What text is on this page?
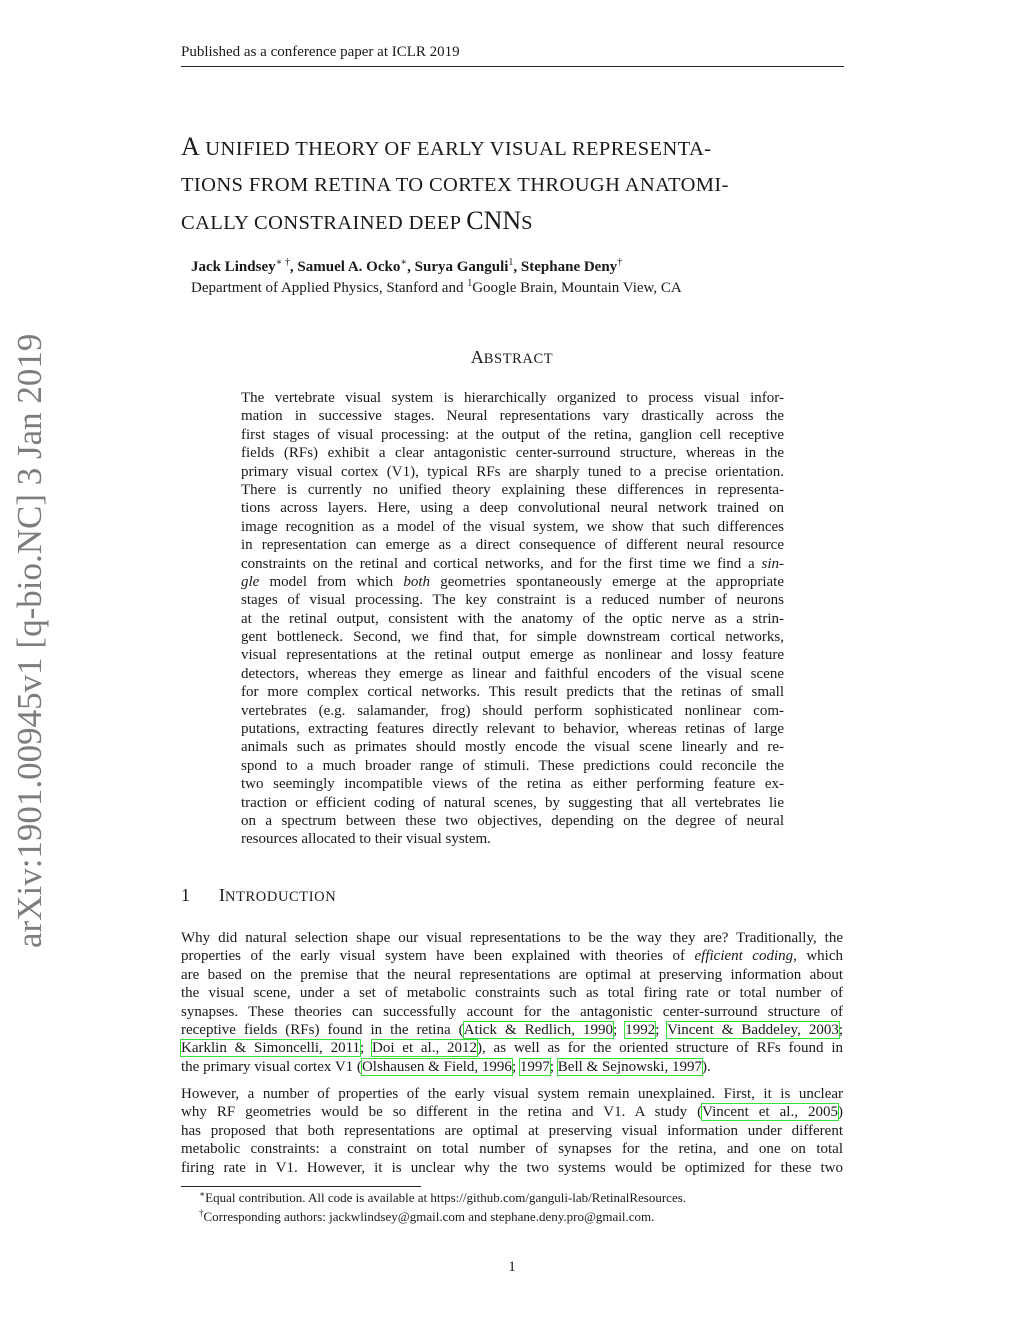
Published as a conference paper at ICLR 2019
arXiv:1901.00945v1 [q-bio.NC] 3 Jan 2019
A UNIFIED THEORY OF EARLY VISUAL REPRESENTA-
TIONS FROM RETINA TO CORTEX THROUGH ANATOMI-
CALLY CONSTRAINED DEEP CNNS
Jack Lindsey∗ †, Samuel A. Ocko∗, Surya Ganguli$^1$, Stephane Deny†
Department of Applied Physics, Stanford and $^1$Google Brain, Mountain View, CA
ABSTRACT
The vertebrate visual system is hierarchically organized to process visual infor-
mation in successive stages. Neural representations vary drastically across the
first stages of visual processing: at the output of the retina, ganglion cell receptive
fields (RFs) exhibit a clear antagonistic center-surround structure, whereas in the
primary visual cortex (V1), typical RFs are sharply tuned to a precise orientation.
There is currently no unified theory explaining these differences in representa-
tions across layers. Here, using a deep convolutional neural network trained on
image recognition as a model of the visual system, we show that such differences
in representation can emerge as a direct consequence of different neural resource
constraints on the retinal and cortical networks, and for the first time we find a sin-
gle model from which both geometries spontaneously emerge at the appropriate
stages of visual processing. The key constraint is a reduced number of neurons
at the retinal output, consistent with the anatomy of the optic nerve as a strin-
gent bottleneck. Second, we find that, for simple downstream cortical networks,
visual representations at the retinal output emerge as nonlinear and lossy feature
detectors, whereas they emerge as linear and faithful encoders of the visual scene
for more complex cortical networks. This result predicts that the retinas of small
vertebrates (e.g. salamander, frog) should perform sophisticated nonlinear com-
putations, extracting features directly relevant to behavior, whereas retinas of large
animals such as primates should mostly encode the visual scene linearly and re-
spond to a much broader range of stimuli. These predictions could reconcile the
two seemingly incompatible views of the retina as either performing feature ex-
traction or efficient coding of natural scenes, by suggesting that all vertebrates lie
on a spectrum between these two objectives, depending on the degree of neural
resources allocated to their visual system.
1 INTRODUCTION
Why did natural selection shape our visual representations to be the way they are? Traditionally, the
properties of the early visual system have been explained with theories of efficient coding, which
are based on the premise that the neural representations are optimal at preserving information about
the visual scene, under a set of metabolic constraints such as total firing rate or total number of
synapses. These theories can successfully account for the antagonistic center-surround structure of
receptive fields (RFs) found in the retina (Atick & Redlich, 1990; 1992; Vincent & Baddeley, 2003;
Karklin & Simoncelli, 2011; Doi et al., 2012), as well as for the oriented structure of RFs found in
the primary visual cortex V1 (Olshausen & Field, 1996; 1997; Bell & Sejnowski, 1997).
However, a number of properties of the early visual system remain unexplained. First, it is unclear
why RF geometries would be so different in the retina and V1. A study (Vincent et al., 2005)
has proposed that both representations are optimal at preserving visual information under different
metabolic constraints: a constraint on total number of synapses for the retina, and one on total
firing rate in V1. However, it is unclear why the two systems would be optimized for these two
∗Equal contribution. All code is available at https://github.com/ganguli-lab/RetinalResources.
†Corresponding authors: jackwlindsey@gmail.com and stephane.deny.pro@gmail.com.
1
